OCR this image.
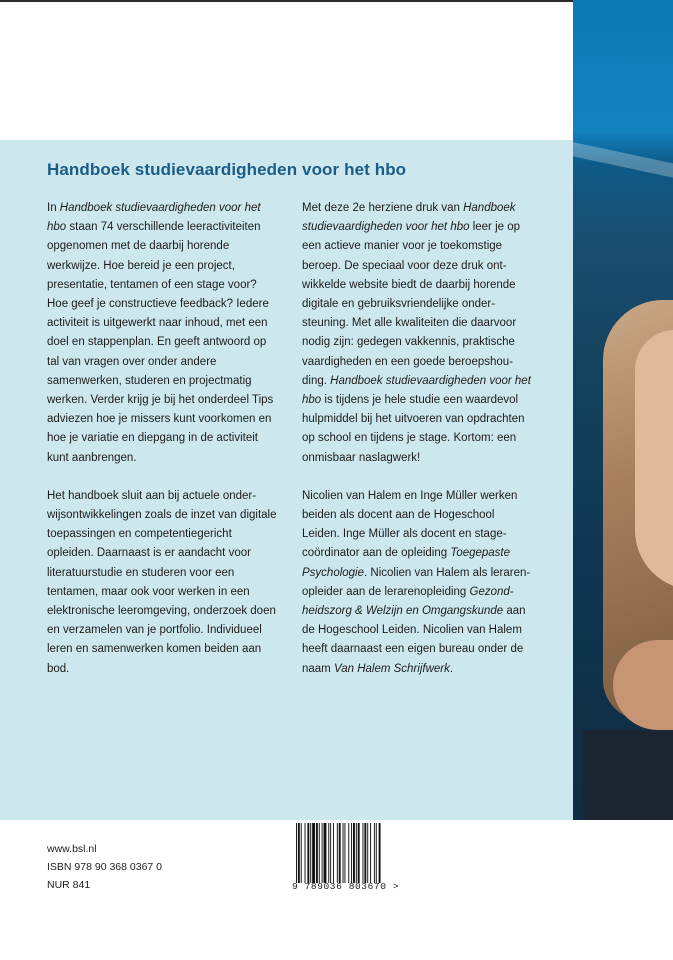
Handboek studievaardigheden voor het hbo

In Handboek studievaardigheden voor het hbo staan 74 verschillende leeractiviteiten opgenomen met de daarbij horende werkwijze. Hoe bereid je een project, presentatie, tentamen of een stage voor? Hoe geef je constructieve feedback? Iedere activiteit is uitgewerkt naar inhoud, met een doel en stappenplan. En geeft antwoord op tal van vragen over onder andere samenwerken, studeren en projectmatig werken. Verder krijg je bij het onderdeel Tips adviezen hoe je missers kunt voorkomen en hoe je variatie en diepgang in de activiteit kunt aanbrengen.

Het handboek sluit aan bij actuele onderwijsontwikkelingen zoals de inzet van digitale toepassingen en competentiegericht opleiden. Daarnaast is er aandacht voor literatuurstudie en studeren voor een tentamen, maar ook voor werken in een elektronische leeromgeving, onderzoek doen en verzamelen van je portfolio. Individueel leren en samenwerken komen beiden aan bod.

Met deze 2e herziene druk van Handboek studievaardigheden voor het hbo leer je op een actieve manier voor je toekomstige beroep. De speciaal voor deze druk ontwikkelde website biedt de daarbij horende digitale en gebruiksvriendelijke ondersteuning. Met alle kwaliteiten die daarvoor nodig zijn: gedegen vakkennis, praktische vaardigheden en een goede beroepshouding. Handboek studievaardigheden voor het hbo is tijdens je hele studie een waardevol hulpmiddel bij het uitvoeren van opdrachten op school en tijdens je stage. Kortom: een onmisbaar naslagwerk!

Nicolien van Halem en Inge Müller werken beiden als docent aan de Hogeschool Leiden. Inge Müller als docent en stagecoördinator aan de opleiding Toegepaste Psychologie. Nicolien van Halem als lerarenopleider aan de lerarenopleiding Gezondheidszorg & Welzijn en Omgangskunde aan de Hogeschool Leiden. Nicolien van Halem heeft daarnaast een eigen bureau onder de naam Van Halem Schrijfwerk.

www.bsl.nl
ISBN 978 90 368 0367 0
NUR 841	9 789036 803670 >
